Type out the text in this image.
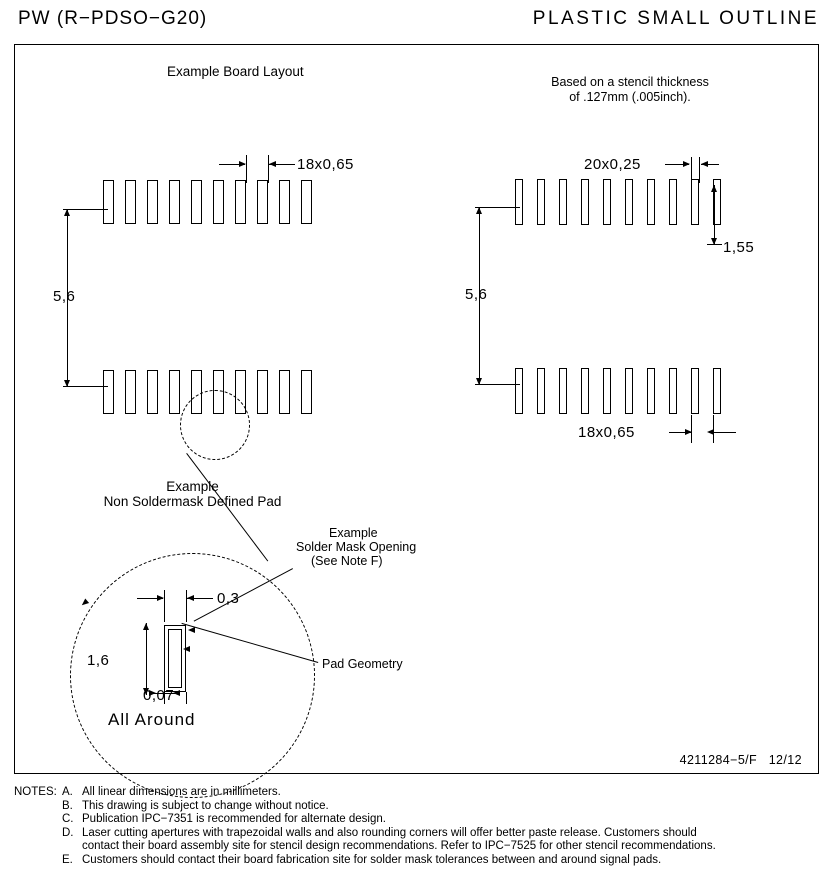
PW (R−PDSO−G20)	PLASTIC SMALL OUTLINE
Example Board Layout
18x0,65
5,6
Example
Non Soldermask Defined Pad
0,3
1,6
0,07
All Around
Example
Solder Mask Opening
(See Note F)
Pad Geometry
Based on a stencil thickness
of .127mm (.005inch).
20x0,25
1,55
5,6
18x0,65
4211284−5/F   12/12
NOTES: A. All linear dimensions are in millimeters.
B. This drawing is subject to change without notice.
C. Publication IPC−7351 is recommended for alternate design.
D. Laser cutting apertures with trapezoidal walls and also rounding corners will offer better paste release. Customers should
contact their board assembly site for stencil design recommendations. Refer to IPC−7525 for other stencil recommendations.
E. Customers should contact their board fabrication site for solder mask tolerances between and around signal pads.
